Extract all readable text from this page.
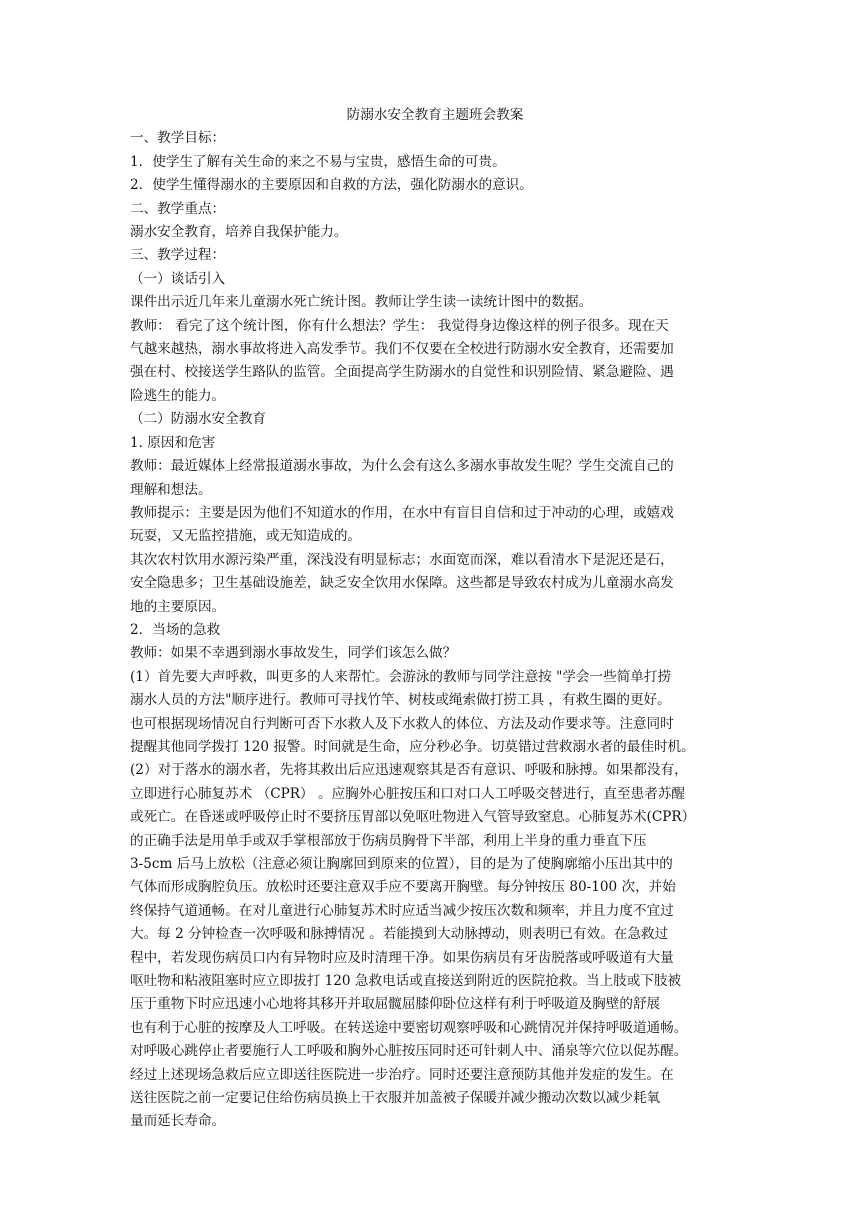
防溺水安全教育主题班会教案

一、教学目标：

1．使学生了解有关生命的来之不易与宝贵，感悟生命的可贵。

2．使学生懂得溺水的主要原因和自救的方法，强化防溺水的意识。

二、教学重点：

溺水安全教育，培养自我保护能力。

三、教学过程：

（一）谈话引入

课件出示近几年来儿童溺水死亡统计图。教师让学生读一读统计图中的数据。

教师： 看完了这个统计图，你有什么想法？学生： 我觉得身边像这样的例子很多。现在天

气越来越热，溺水事故将进入高发季节。我们不仅要在全校进行防溺水安全教育，还需要加

强在村、校接送学生路队的监管。全面提高学生防溺水的自觉性和识别险情、紧急避险、遇

险逃生的能力。

（二）防溺水安全教育

1. 原因和危害

教师：最近媒体上经常报道溺水事故，为什么会有这么多溺水事故发生呢？学生交流自己的

理解和想法。

教师提示：主要是因为他们不知道水的作用，在水中有盲目自信和过于冲动的心理，或嬉戏

玩耍，又无监控措施，或无知造成的。

其次农村饮用水源污染严重，深浅没有明显标志；水面宽而深，难以看清水下是泥还是石，

安全隐患多；卫生基础设施差，缺乏安全饮用水保障。这些都是导致农村成为儿童溺水高发

地的主要原因。

2．当场的急救

教师：如果不幸遇到溺水事故发生，同学们该怎么做？

(1）首先要大声呼救，叫更多的人来帮忙。会游泳的教师与同学注意按 "学会一些简单打捞

溺水人员的方法"顺序进行。教师可寻找竹竿、树枝或绳索做打捞工具 ，有救生圈的更好。

也可根据现场情况自行判断可否下水救人及下水救人的体位、方法及动作要求等。注意同时

提醒其他同学拨打 120 报警。时间就是生命，应分秒必争。切莫错过营救溺水者的最佳时机。

(2）对于落水的溺水者，先将其救出后应迅速观察其是否有意识、呼吸和脉搏。如果都没有，

立即进行心肺复苏术 （CPR） 。应胸外心脏按压和口对口人工呼吸交替进行，直至患者苏醒

或死亡。在昏迷或呼吸停止时不要挤压胃部以免呕吐物进入气管导致窒息。心肺复苏术(CPR）

的正确手法是用单手或双手掌根部放于伤病员胸骨下半部，利用上半身的重力垂直下压

3-5cm 后马上放松（注意必须让胸廓回到原来的位置），目的是为了使胸廓缩小压出其中的

气体而形成胸腔负压。放松时还要注意双手应不要离开胸壁。每分钟按压 80-100 次，并始

终保持气道通畅。在对儿童进行心肺复苏术时应适当减少按压次数和频率，并且力度不宜过

大。每 2 分钟检查一次呼吸和脉搏情况 。若能摸到大动脉搏动，则表明已有效。在急救过

程中，若发现伤病员口内有异物时应及时清理干净。如果伤病员有牙齿脱落或呼吸道有大量

呕吐物和粘液阻塞时应立即拔打 120 急救电话或直接送到附近的医院抢救。当上肢或下肢被

压于重物下时应迅速小心地将其移开并取屈髋屈膝仰卧位这样有利于呼吸道及胸壁的舒展

也有利于心脏的按摩及人工呼吸。在转送途中要密切观察呼吸和心跳情况并保持呼吸道通畅。

对呼吸心跳停止者要施行人工呼吸和胸外心脏按压同时还可针刺人中、涌泉等穴位以促苏醒。

经过上述现场急救后应立即送往医院进一步治疗。同时还要注意预防其他并发症的发生。在

送往医院之前一定要记住给伤病员换上干衣服并加盖被子保暖并减少搬动次数以减少耗氧

量而延长寿命。
